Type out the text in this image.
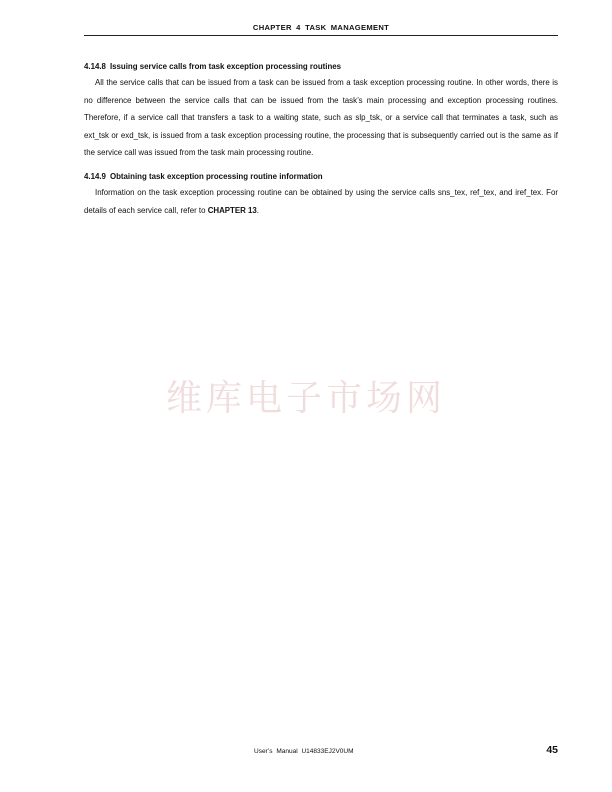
CHAPTER 4 TASK MANAGEMENT
4.14.8 Issuing service calls from task exception processing routines

All the service calls that can be issued from a task can be issued from a task exception processing routine. In other words, there is no difference between the service calls that can be issued from the task’s main processing and exception processing routines. Therefore, if a service call that transfers a task to a waiting state, such as slp_tsk, or a service call that terminates a task, such as ext_tsk or exd_tsk, is issued from a task exception processing routine, the processing that is subsequently carried out is the same as if the service call was issued from the task main processing routine.

4.14.9 Obtaining task exception processing routine information

Information on the task exception processing routine can be obtained by using the service calls sns_tex, ref_tex, and iref_tex. For details of each service call, refer to CHAPTER 13.

维库电子市场网
User’s Manual U14833EJ2V0UM	45
